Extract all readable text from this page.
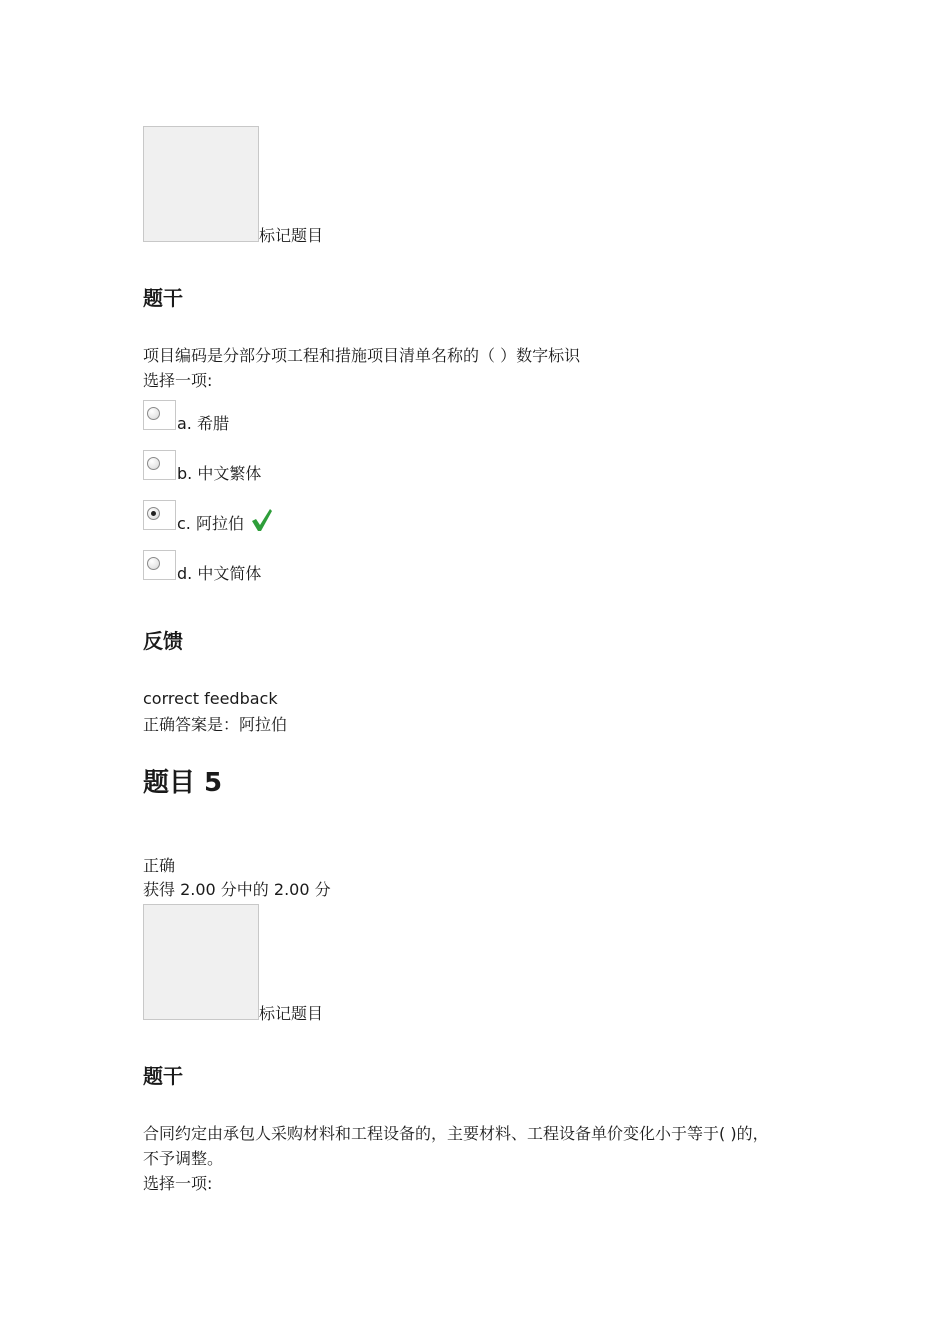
标记题目
题干
项目编码是分部分项工程和措施项目清单名称的（ ）数字标识
选择一项:
a. 希腊
b. 中文繁体
c. 阿拉伯
d. 中文简体
反馈
correct feedback
正确答案是：阿拉伯
题目 5
正确
获得 2.00 分中的 2.00 分
标记题目
题干
合同约定由承包人采购材料和工程设备的，主要材料、工程设备单价变化小于等于( )的，
不予调整。
选择一项:
